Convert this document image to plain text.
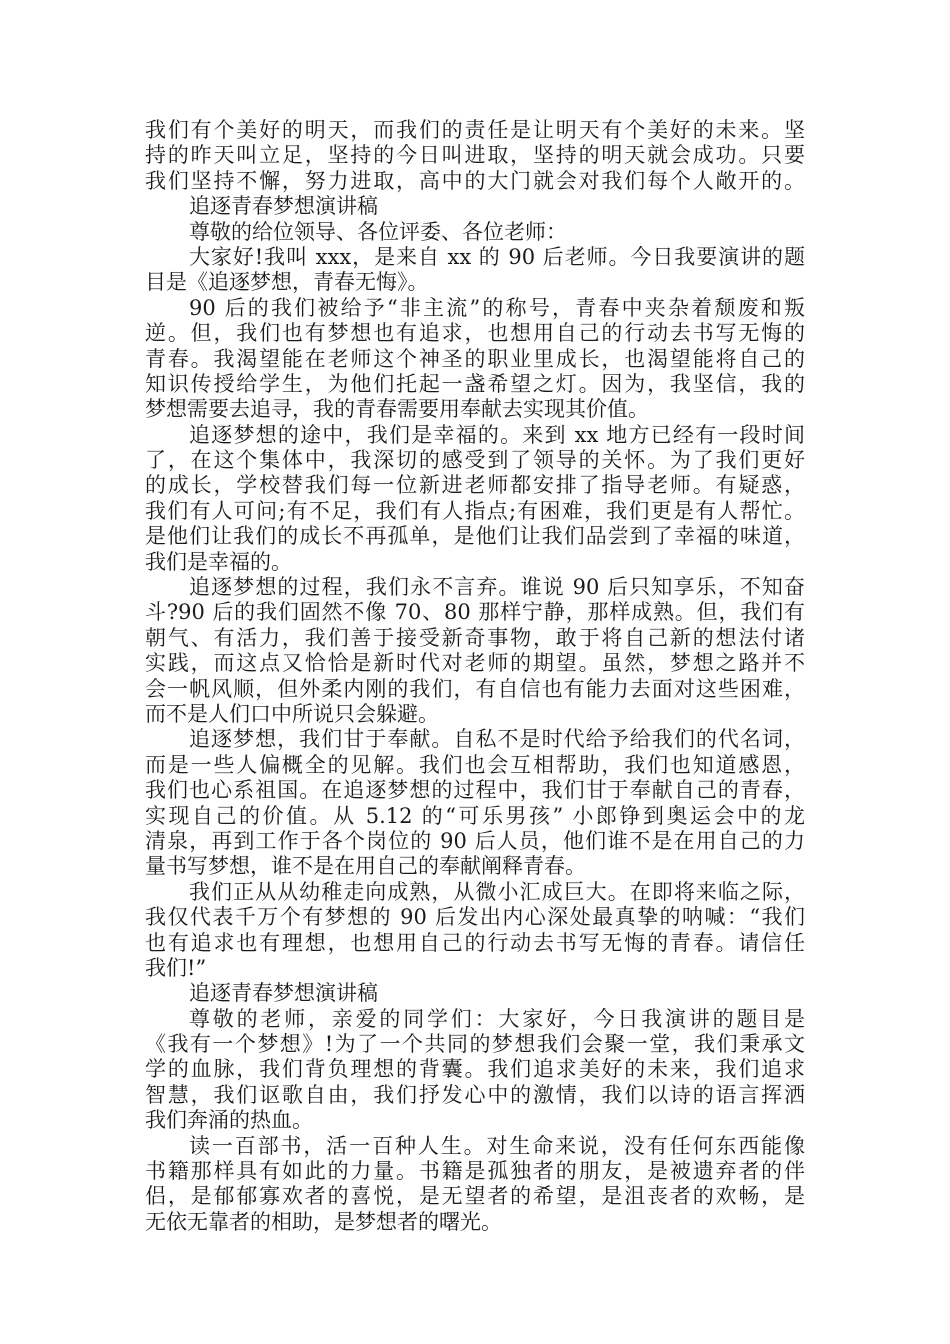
我们有个美好的明天，而我们的责任是让明天有个美好的未来。坚
持的昨天叫立足，坚持的今日叫进取，坚持的明天就会成功。只要
我们坚持不懈，努力进取，高中的大门就会对我们每个人敞开的。
追逐青春梦想演讲稿
尊敬的给位领导、各位评委、各位老师：
大家好!我叫 xxx，是来自 xx 的 90 后老师。今日我要演讲的题
目是《追逐梦想，青春无悔》。
90 后的我们被给予“非主流”的称号，青春中夹杂着颓废和叛
逆。但，我们也有梦想也有追求，也想用自己的行动去书写无悔的
青春。我渴望能在老师这个神圣的职业里成长，也渴望能将自己的
知识传授给学生，为他们托起一盏希望之灯。因为，我坚信，我的
梦想需要去追寻，我的青春需要用奉献去实现其价值。
追逐梦想的途中，我们是幸福的。来到 xx 地方已经有一段时间
了，在这个集体中，我深切的感受到了领导的关怀。为了我们更好
的成长，学校替我们每一位新进老师都安排了指导老师。有疑惑，
我们有人可问;有不足，我们有人指点;有困难，我们更是有人帮忙。
是他们让我们的成长不再孤单，是他们让我们品尝到了幸福的味道，
我们是幸福的。
追逐梦想的过程，我们永不言弃。谁说 90 后只知享乐，不知奋
斗?90 后的我们固然不像 70、80 那样宁静，那样成熟。但，我们有
朝气、有活力，我们善于接受新奇事物，敢于将自己新的想法付诸
实践，而这点又恰恰是新时代对老师的期望。虽然，梦想之路并不
会一帆风顺，但外柔内刚的我们，有自信也有能力去面对这些困难，
而不是人们口中所说只会躲避。
追逐梦想，我们甘于奉献。自私不是时代给予给我们的代名词，
而是一些人偏概全的见解。我们也会互相帮助，我们也知道感恩，
我们也心系祖国。在追逐梦想的过程中，我们甘于奉献自己的青春，
实现自己的价值。从 5.12 的“可乐男孩” 小郎铮到奥运会中的龙
清泉，再到工作于各个岗位的 90 后人员，他们谁不是在用自己的力
量书写梦想，谁不是在用自己的奉献阐释青春。
我们正从从幼稚走向成熟，从微小汇成巨大。在即将来临之际，
我仅代表千万个有梦想的 90 后发出内心深处最真挚的呐喊：“我们
也有追求也有理想，也想用自己的行动去书写无悔的青春。请信任
我们!”
追逐青春梦想演讲稿
尊敬的老师，亲爱的同学们：大家好，今日我演讲的题目是
《我有一个梦想》!为了一个共同的梦想我们会聚一堂，我们秉承文
学的血脉，我们背负理想的背囊。我们追求美好的未来，我们追求
智慧，我们讴歌自由，我们抒发心中的激情，我们以诗的语言挥洒
我们奔涌的热血。
读一百部书，活一百种人生。对生命来说，没有任何东西能像
书籍那样具有如此的力量。书籍是孤独者的朋友，是被遗弃者的伴
侣，是郁郁寡欢者的喜悦，是无望者的希望，是沮丧者的欢畅，是
无依无靠者的相助，是梦想者的曙光。
